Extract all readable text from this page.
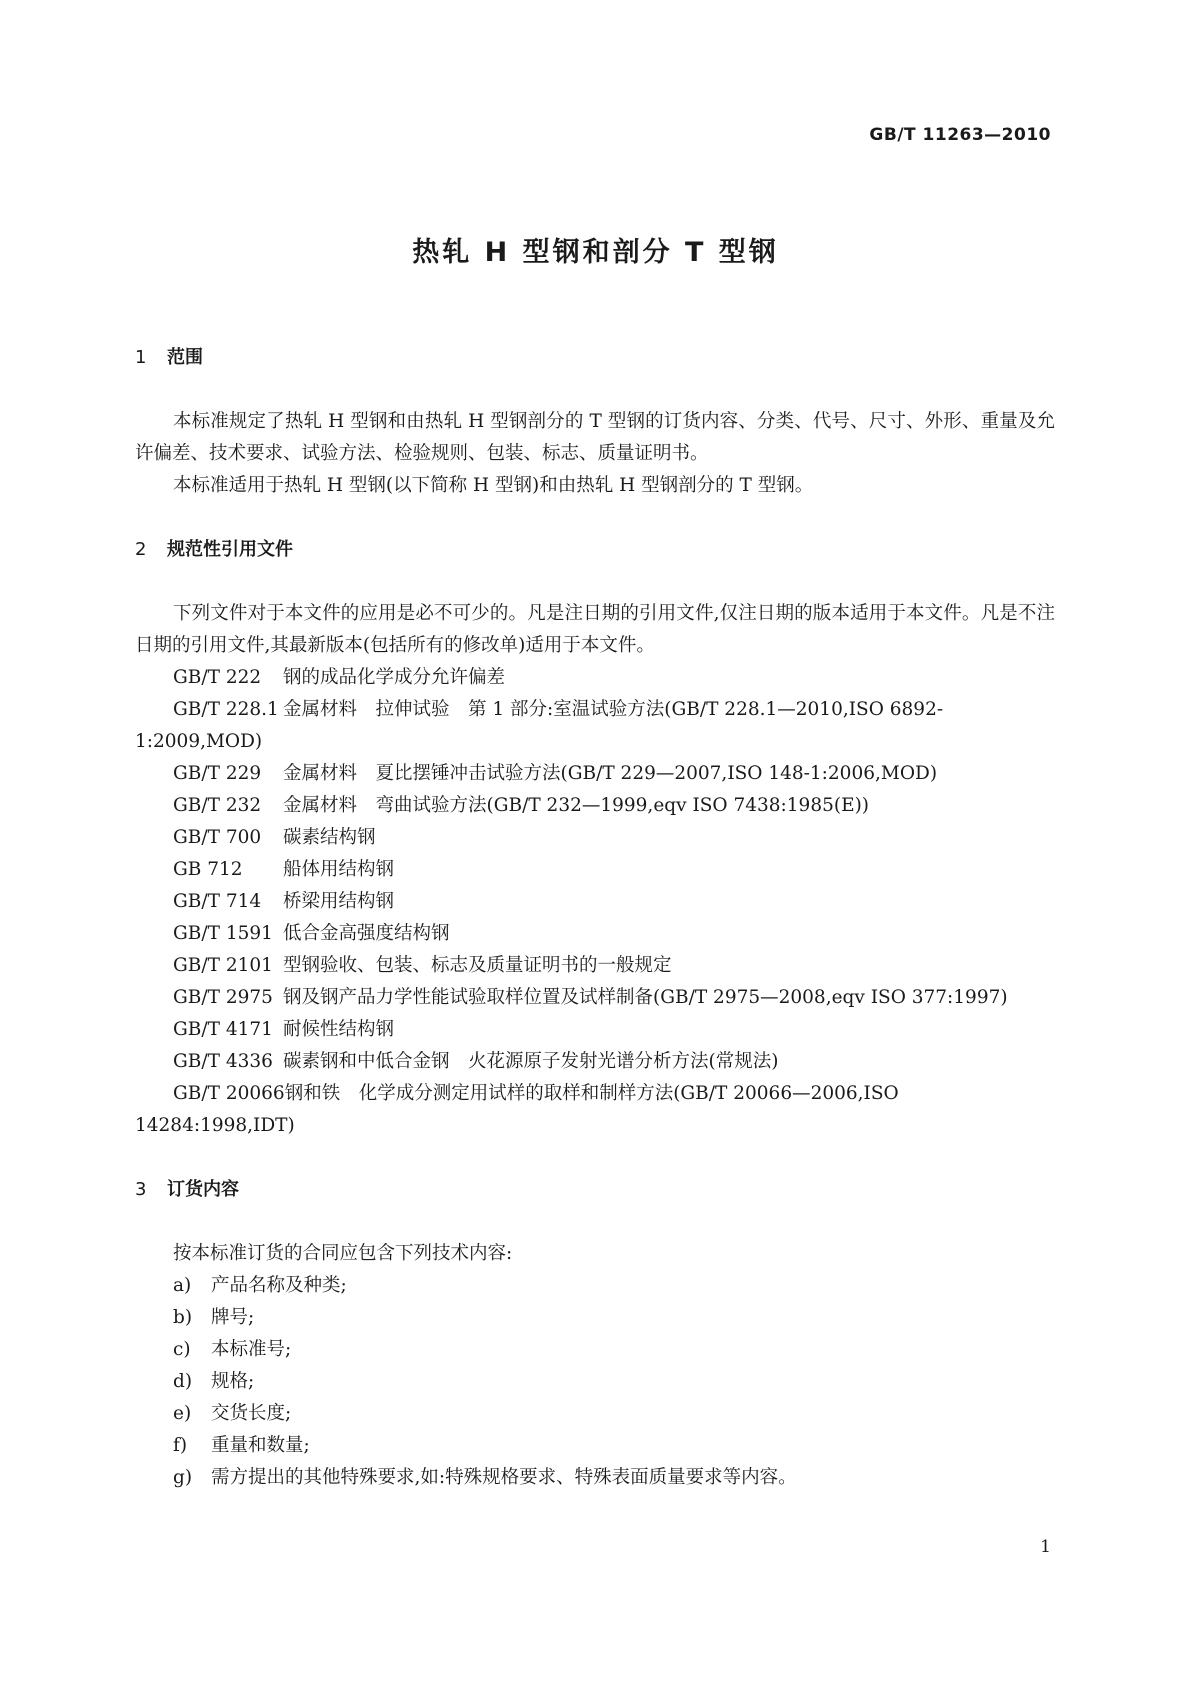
GB/T 11263—2010
热轧 H 型钢和剖分 T 型钢
1 范围

本标准规定了热轧 H 型钢和由热轧 H 型钢剖分的 T 型钢的订货内容、分类、代号、尺寸、外形、重量及允许偏差、技术要求、试验方法、检验规则、包装、标志、质量证明书。

本标准适用于热轧 H 型钢(以下简称 H 型钢)和由热轧 H 型钢剖分的 T 型钢。

2 规范性引用文件

下列文件对于本文件的应用是必不可少的。凡是注日期的引用文件,仅注日期的版本适用于本文件。凡是不注日期的引用文件,其最新版本(包括所有的修改单)适用于本文件。

GB/T 222 钢的成品化学成分允许偏差

GB/T 228.1 金属材料　拉伸试验　第 1 部分:室温试验方法(GB/T 228.1—2010,ISO 6892-1:2009,MOD)

GB/T 229 金属材料　夏比摆锤冲击试验方法(GB/T 229—2007,ISO 148-1:2006,MOD)

GB/T 232 金属材料　弯曲试验方法(GB/T 232—1999,eqv ISO 7438:1985(E))

GB/T 700 碳素结构钢

GB 712 船体用结构钢

GB/T 714 桥梁用结构钢

GB/T 1591 低合金高强度结构钢

GB/T 2101 型钢验收、包装、标志及质量证明书的一般规定

GB/T 2975 钢及钢产品力学性能试验取样位置及试样制备(GB/T 2975—2008,eqv ISO 377:1997)

GB/T 4171 耐候性结构钢

GB/T 4336 碳素钢和中低合金钢　火花源原子发射光谱分析方法(常规法)

GB/T 20066钢和铁　化学成分测定用试样的取样和制样方法(GB/T 20066—2006,ISO 14284:1998,IDT)

3 订货内容

按本标准订货的合同应包含下列技术内容:

a) 产品名称及种类;

b) 牌号;

c) 本标准号;

d) 规格;

e) 交货长度;

f) 重量和数量;

g) 需方提出的其他特殊要求,如:特殊规格要求、特殊表面质量要求等内容。

1
